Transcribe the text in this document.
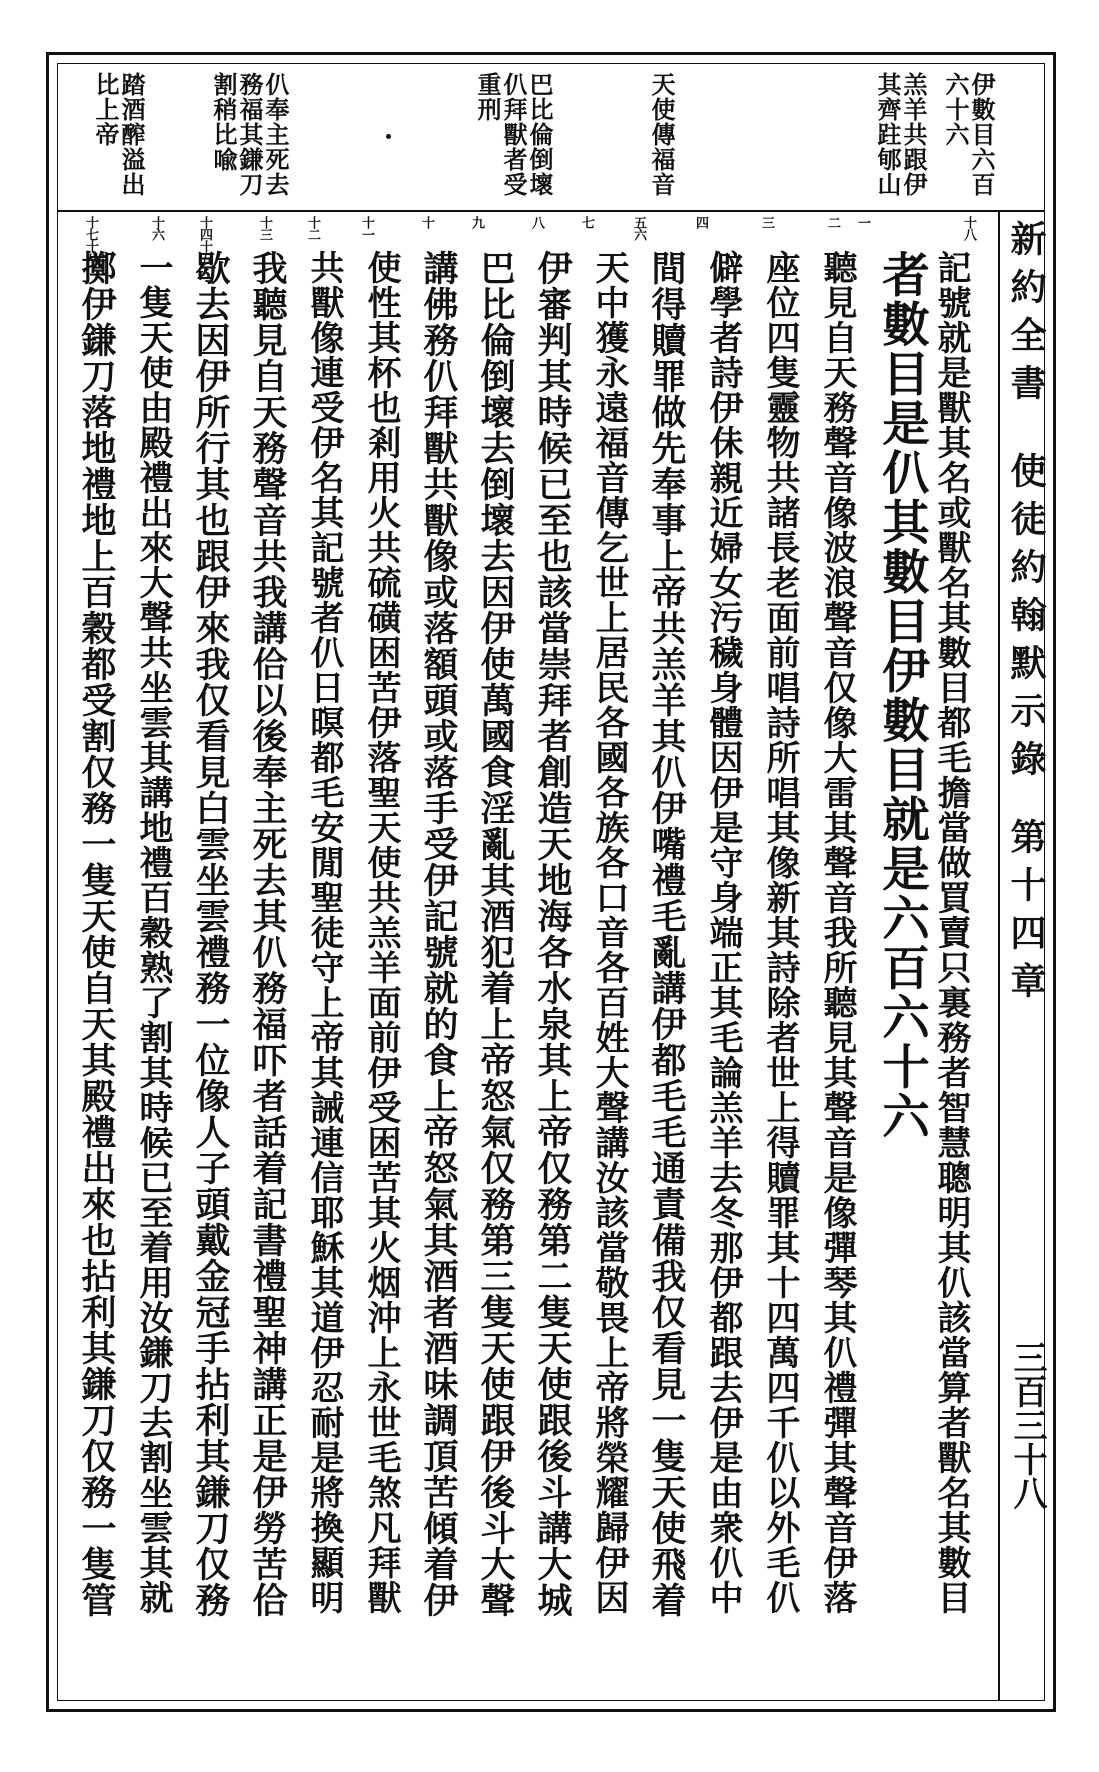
新約全書使徒約翰默示錄第十四章
三百三十八
伊數目六百六十六
羔羊共跟伊其齊跓郇山
天使傳福音
巴比倫倒壞仈拜獸者受重刑
仈奉主死去務福其鎌刀割稍比喩
踏酒醡溢出比上帝
十八
一
二
三
四
五六
七
八
九
十
十一
十二
十三
十四十五
十六
十七十八
記號就是獸其名或獸名其數目都毛擔當做買賣只裏務者智慧聰明其仈該當算者獸名其數目
者數目是仈其數目伊數目就是六百六十六
聽見自天務聲音像波浪聲音仅像大雷其聲音我所聽見其聲音是像彈琴其仈禮彈其聲音伊落
座位四隻靈物共諸長老面前唱詩所唱其像新其詩除者世上得贖罪其十四萬四千仈以外毛仈
僻學者詩伊佅親近婦女污穢身體因伊是守身端正其毛論羔羊去冬那伊都跟去伊是由衆仈中
間得贖罪做先奉事上帝共羔羊其仈伊嘴禮毛亂講伊都毛毛通責備我仅看見一隻天使飛着
天中獲永遠福音傳乞世上居民各國各族各口音各百姓大聲講汝該當敬畏上帝將榮耀歸伊因
伊審判其時候已至也該當崇拜者創造天地海各水泉其上帝仅務第二隻天使跟後斗講大城
巴比倫倒壞去倒壞去因伊使萬國食淫亂其酒犯着上帝怒氣仅務第三隻天使跟伊後斗大聲
講佛務仈拜獸共獸像或落額頭或落手受伊記號就的食上帝怒氣其酒者酒味調頂苦傾着伊
使性其杯也剎用火共硫磺困苦伊落聖天使共羔羊面前伊受困苦其火烟沖上永世毛煞凡拜獸
共獸像連受伊名其記號者仈日暝都毛安閒聖徒守上帝其誡連信耶穌其道伊忍耐是將換顯明
我聽見自天務聲音共我講佮以後奉主死去其仈務福吓者話着記書禮聖神講正是伊勞苦佮
歇去因伊所行其也跟伊來我仅看見白雲坐雲禮務一位像人子頭戴金冠手拈利其鎌刀仅務
一隻天使由殿禮出來大聲共坐雲其講地禮百穀熟了割其時候已至着用汝鎌刀去割坐雲其就
擲伊鎌刀落地禮地上百穀都受割仅務一隻天使自天其殿禮出來也拈利其鎌刀仅務一隻管
